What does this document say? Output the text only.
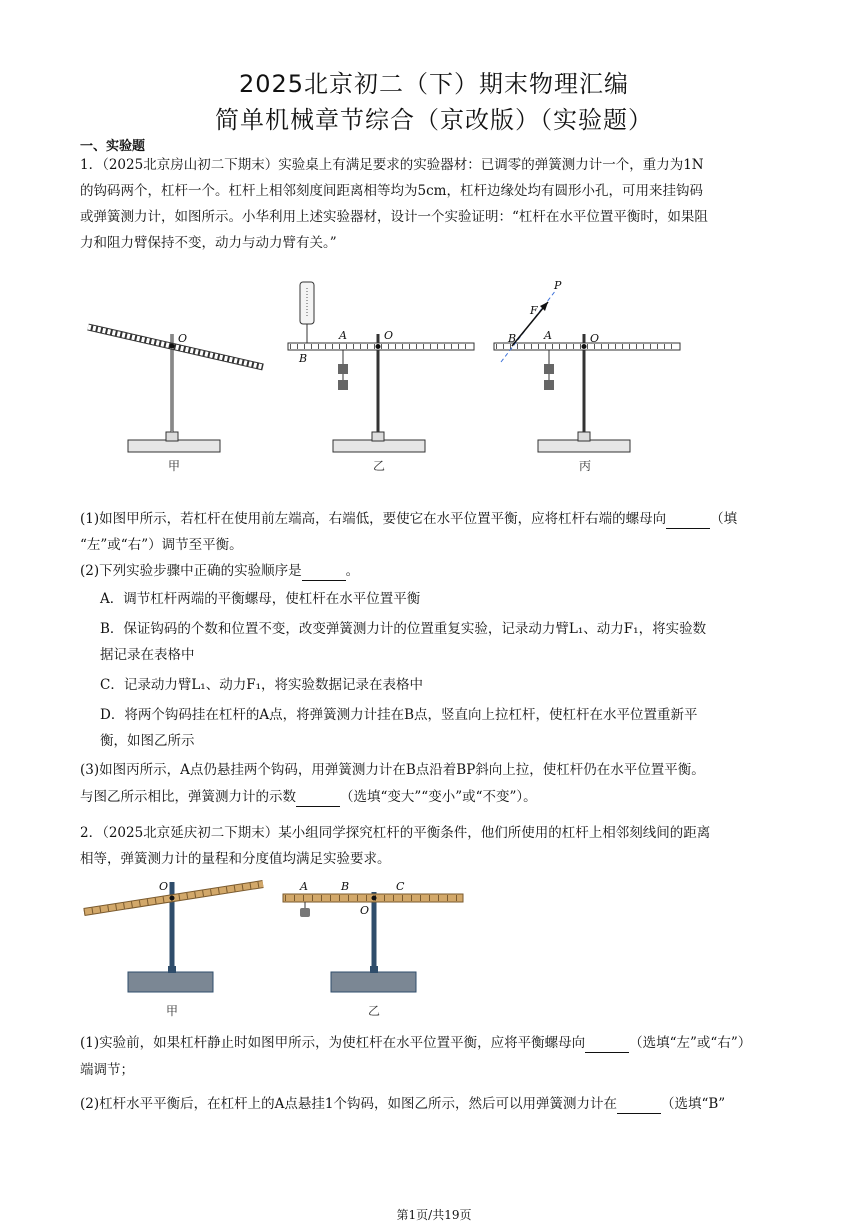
2025北京初二（下）期末物理汇编
简单机械章节综合（京改版）（实验题）
一、实验题
1．（2025北京房山初二下期末）实验桌上有满足要求的实验器材：已调零的弹簧测力计一个，重力为1N
的钩码两个，杠杆一个。杠杆上相邻刻度间距离相等均为5cm，杠杆边缘处均有圆形小孔，可用来挂钩码
或弹簧测力计，如图所示。小华利用上述实验器材，设计一个实验证明：“杠杆在水平位置平衡时，如果阻
力和阻力臂保持不变，动力与动力臂有关。”
O
甲
A
B
O
乙
B	A	O
F
P
丙
(1)如图甲所示，若杠杆在使用前左端高，右端低，要使它在水平位置平衡，应将杠杆右端的螺母向	（填
“左”或“右”）调节至平衡。
(2)下列实验步骤中正确的实验顺序是	。
A．调节杠杆两端的平衡螺母，使杠杆在水平位置平衡
B．保证钩码的个数和位置不变，改变弹簧测力计的位置重复实验，记录动力臂L₁、动力F₁，将实验数
据记录在表格中
C．记录动力臂L₁、动力F₁，将实验数据记录在表格中
D．将两个钩码挂在杠杆的A点，将弹簧测力计挂在B点，竖直向上拉杠杆，使杠杆在水平位置重新平
衡，如图乙所示
(3)如图丙所示，A点仍悬挂两个钩码，用弹簧测力计在B点沿着BP斜向上拉，使杠杆仍在水平位置平衡。
与图乙所示相比，弹簧测力计的示数	（选填“变大”“变小”或“不变”）。
2．（2025北京延庆初二下期末）某小组同学探究杠杆的平衡条件，他们所使用的杠杆上相邻刻线间的距离
相等，弹簧测力计的量程和分度值均满足实验要求。
O
甲
A	B	C
O
乙
(1)实验前，如果杠杆静止时如图甲所示，为使杠杆在水平位置平衡，应将平衡螺母向	（选填“左”或“右”）
端调节；
(2)杠杆水平平衡后，在杠杆上的A点悬挂1个钩码，如图乙所示，然后可以用弹簧测力计在	（选填“B”
第1页/共19页
